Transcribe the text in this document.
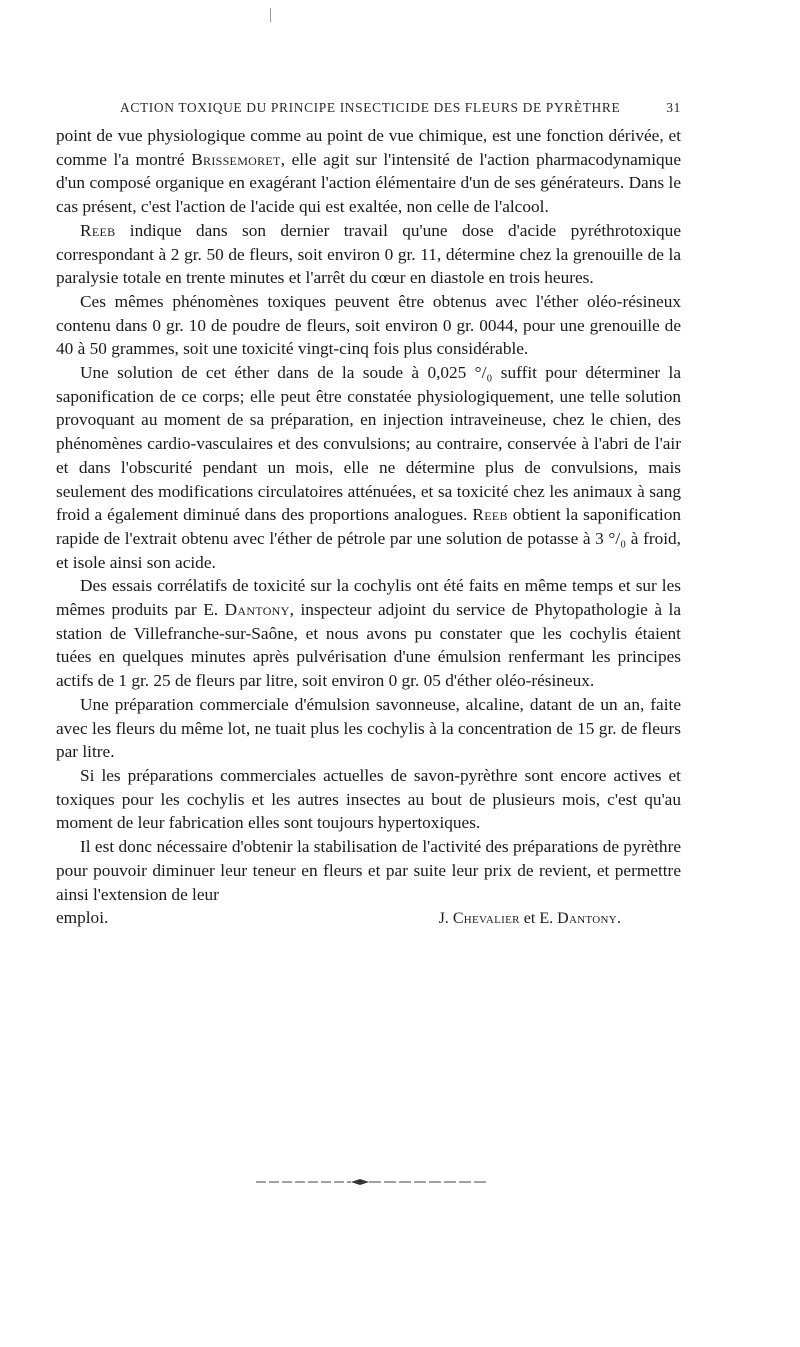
ACTION TOXIQUE DU PRINCIPE INSECTICIDE DES FLEURS DE PYRÈTHRE	31

point de vue physiologique comme au point de vue chimique, est une fonction dérivée, et comme l'a montré Brissemoret, elle agit sur l'intensité de l'action pharmacodynamique d'un composé organique en exagérant l'action élémentaire d'un de ses générateurs. Dans le cas présent, c'est l'action de l'acide qui est exaltée, non celle de l'alcool.

Reeb indique dans son dernier travail qu'une dose d'acide pyréthrotoxique correspondant à 2 gr. 50 de fleurs, soit environ 0 gr. 11, détermine chez la grenouille de la paralysie totale en trente minutes et l'arrêt du cœur en diastole en trois heures.

Ces mêmes phénomènes toxiques peuvent être obtenus avec l'éther oléo-résineux contenu dans 0 gr. 10 de poudre de fleurs, soit environ 0 gr. 0044, pour une grenouille de 40 à 50 grammes, soit une toxicité vingt-cinq fois plus considérable.

Une solution de cet éther dans de la soude à 0,025 °/₀ suffit pour déterminer la saponification de ce corps; elle peut être constatée physiologiquement, une telle solution provoquant au moment de sa préparation, en injection intraveineuse, chez le chien, des phénomènes cardio-vasculaires et des convulsions; au contraire, conservée à l'abri de l'air et dans l'obscurité pendant un mois, elle ne détermine plus de convulsions, mais seulement des modifications circulatoires atténuées, et sa toxicité chez les animaux à sang froid a également diminué dans des proportions analogues. Reeb obtient la saponification rapide de l'extrait obtenu avec l'éther de pétrole par une solution de potasse à 3 °/₀ à froid, et isole ainsi son acide.

Des essais corrélatifs de toxicité sur la cochylis ont été faits en même temps et sur les mêmes produits par E. Dantony, inspecteur adjoint du service de Phytopathologie à la station de Villefranche-sur-Saône, et nous avons pu constater que les cochylis étaient tuées en quelques minutes après pulvérisation d'une émulsion renfermant les principes actifs de 1 gr. 25 de fleurs par litre, soit environ 0 gr. 05 d'éther oléo-résineux.

Une préparation commerciale d'émulsion savonneuse, alcaline, datant de un an, faite avec les fleurs du même lot, ne tuait plus les cochylis à la concentration de 15 gr. de fleurs par litre.

Si les préparations commerciales actuelles de savon-pyrèthre sont encore actives et toxiques pour les cochylis et les autres insectes au bout de plusieurs mois, c'est qu'au moment de leur fabrication elles sont toujours hypertoxiques.

Il est donc nécessaire d'obtenir la stabilisation de l'activité des préparations de pyrèthre pour pouvoir diminuer leur teneur en fleurs et par suite leur prix de revient, et permettre ainsi l'extension de leur

emploi.	J. Chevalier et E. Dantony.
